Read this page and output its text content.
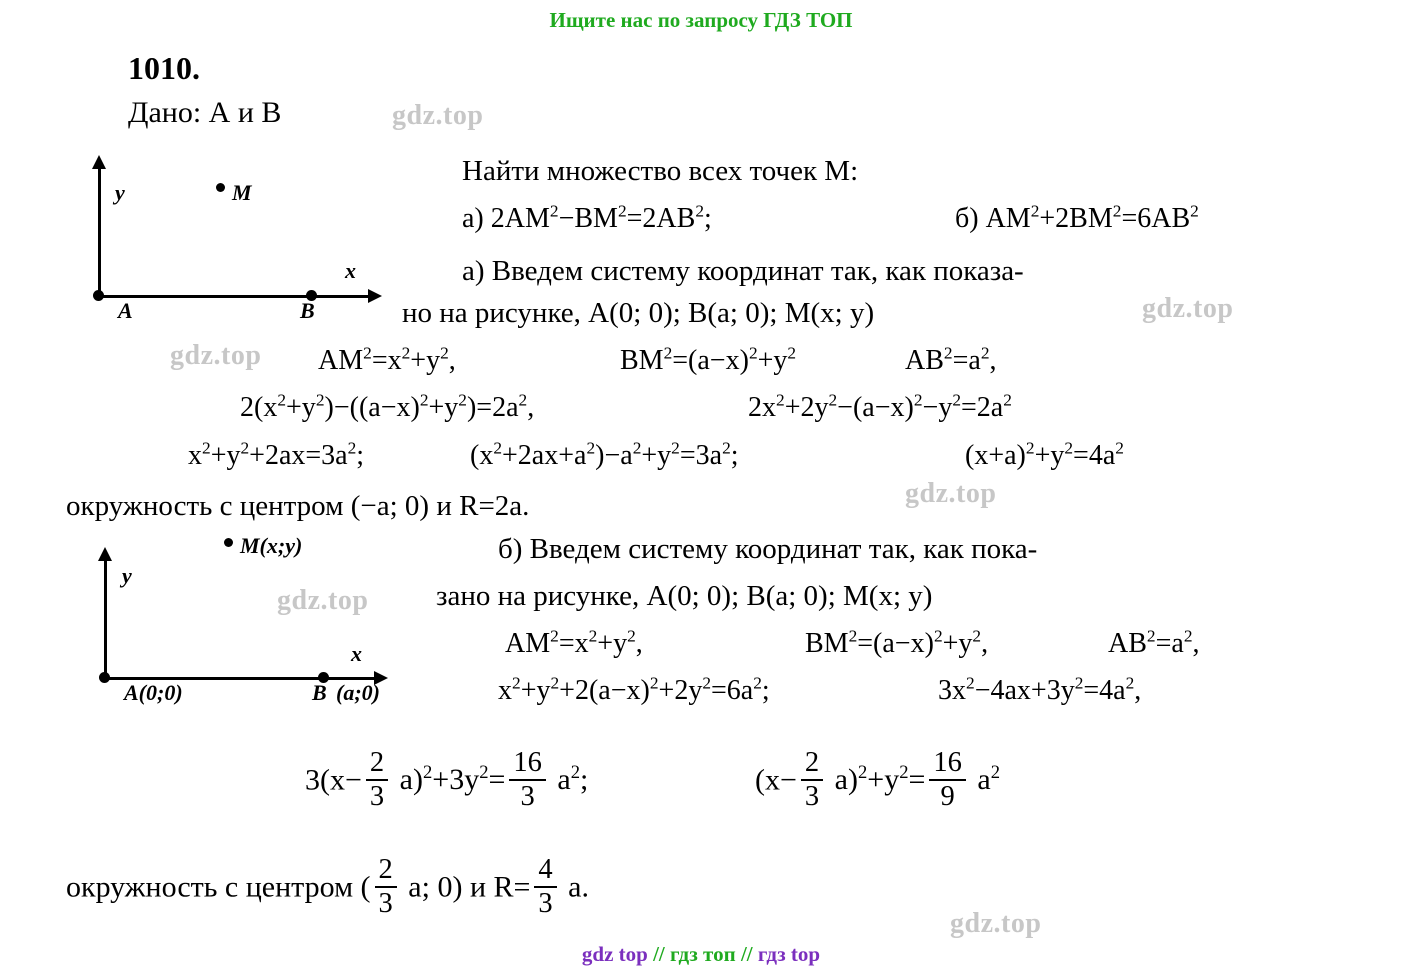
Ищите нас по запросу ГДЗ ТОП
gdz top // гдз топ // гдз top
gdz.top
gdz.top
gdz.top
gdz.top
gdz.top
gdz.top
1010.
Дано: А и В
y
x
M
A	B
Найти множество всех точек М:
а) $2АМ^2-ВМ^2=2АВ^2$;	б) $АМ^2+2ВМ^2=6АВ^2$
а) Введем систему координат так, как показа-
но на рисунке, А(0; 0); В(а; 0); М(х; у)
$АМ^2=х^2+у^2$,	$ВМ^2=(а-х)^2+у^2$	$АВ^2=а^2$,
$2(х^2+у^2)-((а-х)^2+у^2)=2а^2$,	$2х^2+2у^2-(а-х)^2-у^2=2а^2$
$х^2+у^2+2ах=3а^2$;	$(х^2+2ах+а^2)-а^2+у^2=3а^2$;	$(х+а)^2+у^2=4а^2$
окружность с центром (−а; 0) и R=2а.
y
x
M(x;y)
A(0;0)	B (a;0)
б) Введем систему координат так, как пока-
зано на рисунке, А(0; 0); В(а; 0); М(х; у)
$АМ^2=х^2+у^2$,	$ВМ^2=(а-х)^2+у^2$,	$АВ^2=а^2$,
$х^2+у^2+2(а-х)^2+2у^2=6а^2$;	$3х^2-4ах+3у^2=4а^2$,
$3(х- \frac{2}{3} а)^2+3у^2= \frac{16}{3} а^2$;	$(х- \frac{2}{3} а)^2+у^2= \frac{16}{9} а^2$
окружность с центром ( $\frac{2}{3} а$; 0) и $R= \frac{4}{3} а$.
